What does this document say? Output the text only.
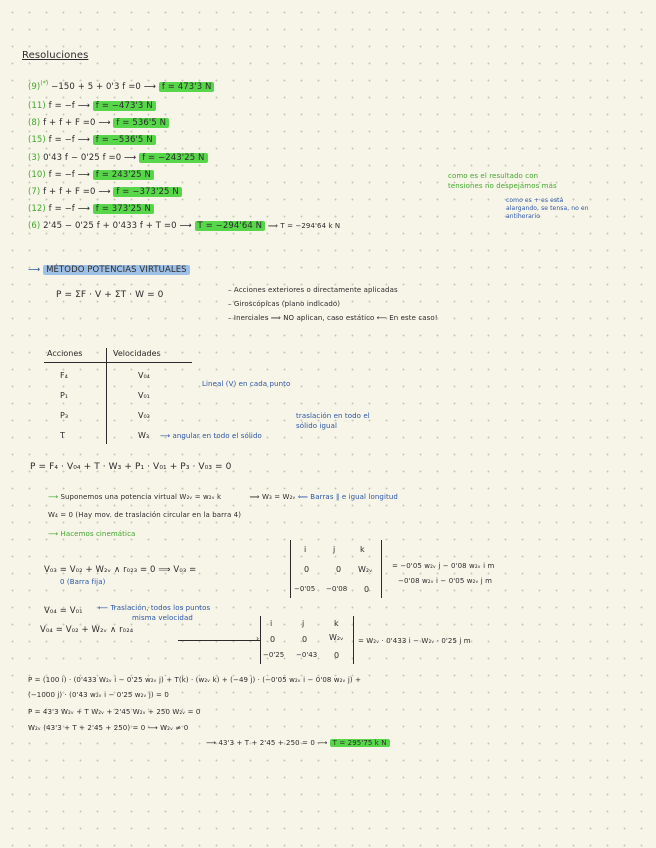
Resoluciones
(9)(*) −150 + 5 + 0'3 f =0 ⟶ f = 473'3 N
(11) f = −f ⟶ f = −473'3 N
(8) f + f + F =0 ⟶ f = 536'5 N
(15) f = −f ⟶ f = −536'5 N
(3) 0'43 f − 0'25 f =0 ⟶ f = −243'25 N
(10) f = −f ⟶ f = 243'25 N
(7) f + f + F =0 ⟶ f = −373'25 N
(12) f = −f ⟶ f = 373'25 N
(6) 2'45 − 0'25 f + 0'433 f + T =0 ⟶ T = −294'64 N ⟹ T = −294'64 k N
como es el resultado con
tensiones no despejamos más
como es + es está
alargando, se tensa, no en
antihorario
⟶ MÉTODO POTENCIAS VIRTUALES
P = ΣF · V + ΣT · W = 0	– Acciones exteriores o directamente aplicadas
– Giroscópicas (plano indicado)
– Inerciales ⟹ NO aplican, caso estático ⟵ En este caso!
Acciones	Velocidades
F₄	V₀₄
P₁	V₀₁
P₃	V₀₃
T	W₃
Lineal (V) en cada punto
traslación en todo el
sólido igual
⟶ angular en todo el sólido
P = F₄ · V₀₄ + T · W₃ + P₁ · V₀₁ + P₃ · V₀₃ = 0
⟶ Suponemos una potencia virtual W₂ᵥ = w₂ᵥ k	⟹ W₃ = W₂ᵥ ⟸ Barras ∥ e igual longitud
W₄ = 0 (Hay mov. de traslación circular en la barra 4)
⟶ Hacemos cinemática
V₀₃ = V₀₂ + W₂ᵥ ∧ r₀₂₃ = 0 ⟹ V₀₃ =
0 (Barra fija)
i	j	k
0	0 W₂ᵥ
−0'05 −0'08 0
= −0'05 w₂ᵥ j − 0'08 w₂ᵥ i m
−0'08 w₂ᵥ i − 0'05 w₂ᵥ j m
V₀₄ = V₀₁ ⟵ Traslación, todos los puntos
misma velocidad
V₀₄ = V₀₂ + W₂ᵥ ∧ r₀₂₄
›
i	j	k
0	0	W₂ᵥ
−0'25 −0'43 0
= W₂ᵥ · 0'433 i − W₂ᵥ · 0'25 j m
P = (100 i) · (0'433 W₂ᵥ i − 0'25 w₂ᵥ j) + T(k) · (w₂ᵥ k) + (−49 j) · (−0'05 w₂ᵥ i − 0'08 w₂ᵥ j) +
(−1000 j) · (0'43 w₂ᵥ i − 0'25 w₂ᵥ j) = 0
P = 43'3 W₂ᵥ + T W₂ᵥ + 2'45 W₂ᵥ + 250 W₂ᵥ = 0
W₂ᵥ (43'3 + T + 2'45 + 250) = 0 ⟶ W₂ᵥ ≠ 0
⟶ 43'3 + T + 2'45 + 250 = 0 ⟶ T = 295'75 k N
